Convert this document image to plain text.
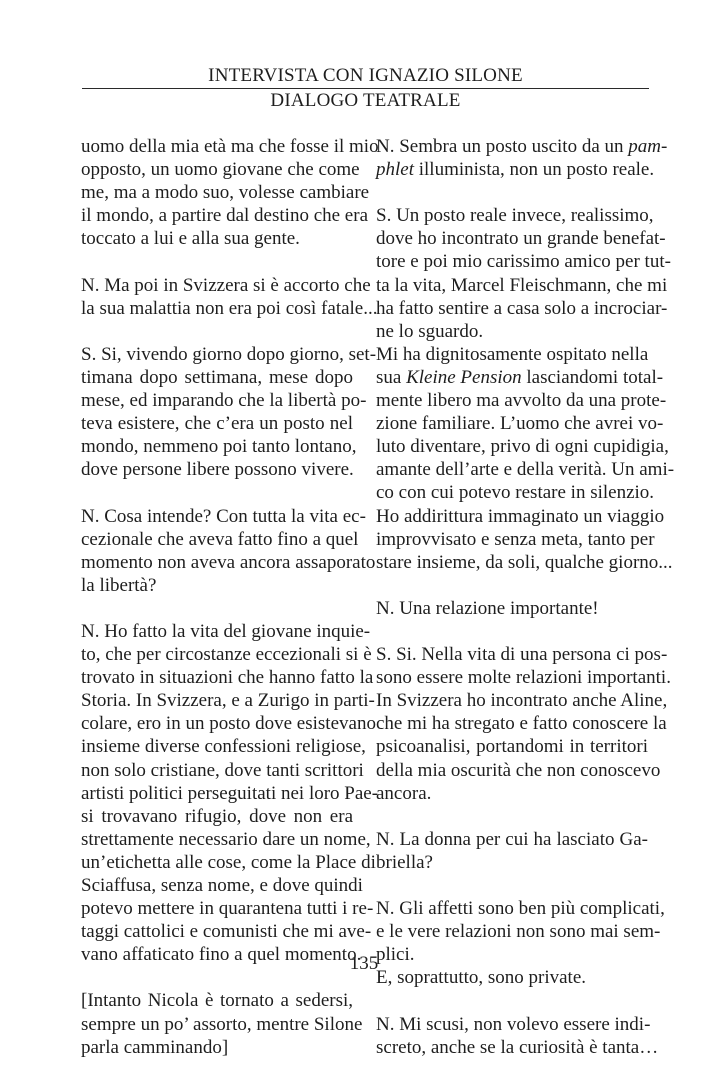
INTERVISTA CON IGNAZIO SILONE
DIALOGO TEATRALE
uomo della mia età ma che fosse il mio
opposto, un uomo giovane che come
me, ma a modo suo, volesse cambiare
il mondo, a partire dal destino che era
toccato a lui e alla sua gente.
N. Ma poi in Svizzera si è accorto che
la sua malattia non era poi così fatale...
S. Si, vivendo giorno dopo giorno, set-
timana dopo settimana, mese dopo
mese, ed imparando che la libertà po-
teva esistere, che c’era un posto nel
mondo, nemmeno poi tanto lontano,
dove persone libere possono vivere.
N. Cosa intende? Con tutta la vita ec-
cezionale che aveva fatto fino a quel
momento non aveva ancora assaporato
la libertà?
N. Ho fatto la vita del giovane inquie-
to, che per circostanze eccezionali si è
trovato in situazioni che hanno fatto la
Storia. In Svizzera, e a Zurigo in parti-
colare, ero in un posto dove esistevano
insieme diverse confessioni religiose,
non solo cristiane, dove tanti scrittori
artisti politici perseguitati nei loro Pae-
si trovavano rifugio, dove non era
strettamente necessario dare un nome,
un’etichetta alle cose, come la Place di
Sciaffusa, senza nome, e dove quindi
potevo mettere in quarantena tutti i re-
taggi cattolici e comunisti che mi ave-
vano affaticato fino a quel momento.
[Intanto Nicola è tornato a sedersi,
sempre un po’ assorto, mentre Silone
parla camminando]
N. Sembra un posto uscito da un pam-
phlet illuminista, non un posto reale.
S. Un posto reale invece, realissimo,
dove ho incontrato un grande benefat-
tore e poi mio carissimo amico per tut-
ta la vita, Marcel Fleischmann, che mi
ha fatto sentire a casa solo a incrociar-
ne lo sguardo.
Mi ha dignitosamente ospitato nella
sua Kleine Pension lasciandomi total-
mente libero ma avvolto da una prote-
zione familiare. L’uomo che avrei vo-
luto diventare, privo di ogni cupidigia,
amante dell’arte e della verità. Un ami-
co con cui potevo restare in silenzio.
Ho addirittura immaginato un viaggio
improvvisato e senza meta, tanto per
stare insieme, da soli, qualche giorno...
N. Una relazione importante!
S. Si. Nella vita di una persona ci pos-
sono essere molte relazioni importanti.
In Svizzera ho incontrato anche Aline,
che mi ha stregato e fatto conoscere la
psicoanalisi, portandomi in territori
della mia oscurità che non conoscevo
ancora.
N. La donna per cui ha lasciato Ga-
briella?
N. Gli affetti sono ben più complicati,
e le vere relazioni non sono mai sem-
plici.
E, soprattutto, sono private.
N. Mi scusi, non volevo essere indi-
screto, anche se la curiosità è tanta…
135
